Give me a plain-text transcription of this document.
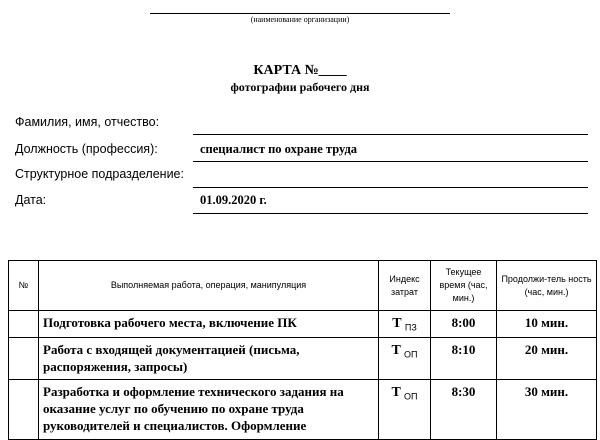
(наименование организации)
КАРТА №____
фотографии рабочего дня
Фамилия, имя, отчество:
Должность (профессия):	специалист по охране труда
Структурное подразделение:
Дата:	01.09.2020 г.
№	Выполняемая работа, операция, манипуляция	Индекс затрат	Текущее время (час, мин.)	Продолжи-тель ность (час, мин.)
	Подготовка рабочего места, включение ПК	Т $_{ПЗ}$	8:00	10 мин.
	Работа с входящей документацией (письма, распоряжения, запросы)	Т $_{ОП}$	8:10	20 мин.
	Разработка и оформление технического задания на оказание услуг по обучению по охране труда руководителей и специалистов. Оформление	Т $_{ОП}$	8:30	30 мин.
